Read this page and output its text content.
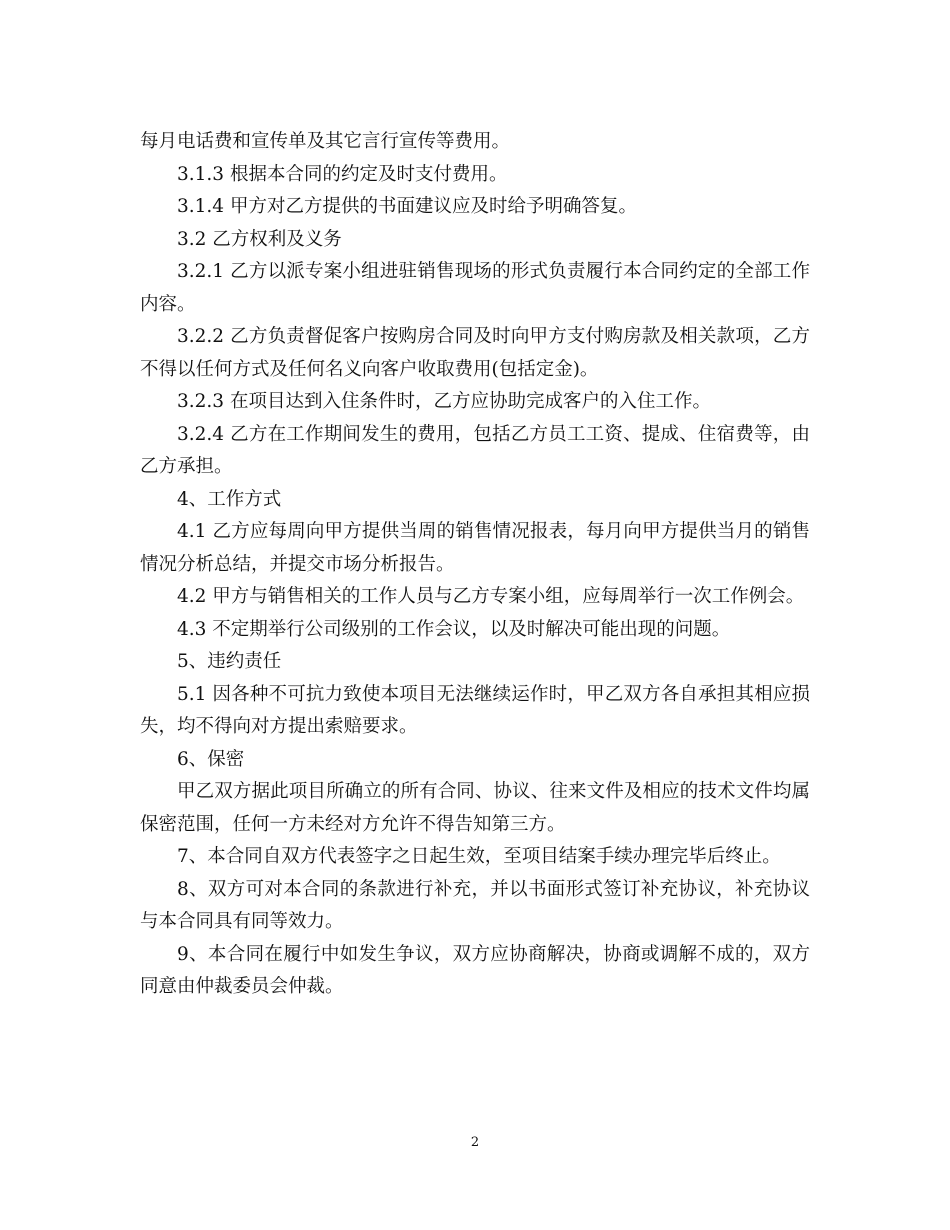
每月电话费和宣传单及其它言行宣传等费用。

3.1.3 根据本合同的约定及时支付费用。

3.1.4 甲方对乙方提供的书面建议应及时给予明确答复。

3.2 乙方权利及义务

3.2.1 乙方以派专案小组进驻销售现场的形式负责履行本合同约定的全部工作内容。

3.2.2 乙方负责督促客户按购房合同及时向甲方支付购房款及相关款项，乙方不得以任何方式及任何名义向客户收取费用(包括定金)。

3.2.3 在项目达到入住条件时，乙方应协助完成客户的入住工作。

3.2.4 乙方在工作期间发生的费用，包括乙方员工工资、提成、住宿费等，由乙方承担。

4、工作方式

4.1 乙方应每周向甲方提供当周的销售情况报表，每月向甲方提供当月的销售情况分析总结，并提交市场分析报告。

4.2 甲方与销售相关的工作人员与乙方专案小组，应每周举行一次工作例会。

4.3 不定期举行公司级别的工作会议，以及时解决可能出现的问题。

5、违约责任

5.1 因各种不可抗力致使本项目无法继续运作时，甲乙双方各自承担其相应损失，均不得向对方提出索赔要求。

6、保密

甲乙双方据此项目所确立的所有合同、协议、往来文件及相应的技术文件均属保密范围，任何一方未经对方允许不得告知第三方。

7、本合同自双方代表签字之日起生效，至项目结案手续办理完毕后终止。

8、双方可对本合同的条款进行补充，并以书面形式签订补充协议，补充协议与本合同具有同等效力。

9、本合同在履行中如发生争议，双方应协商解决，协商或调解不成的，双方同意由仲裁委员会仲裁。

2
